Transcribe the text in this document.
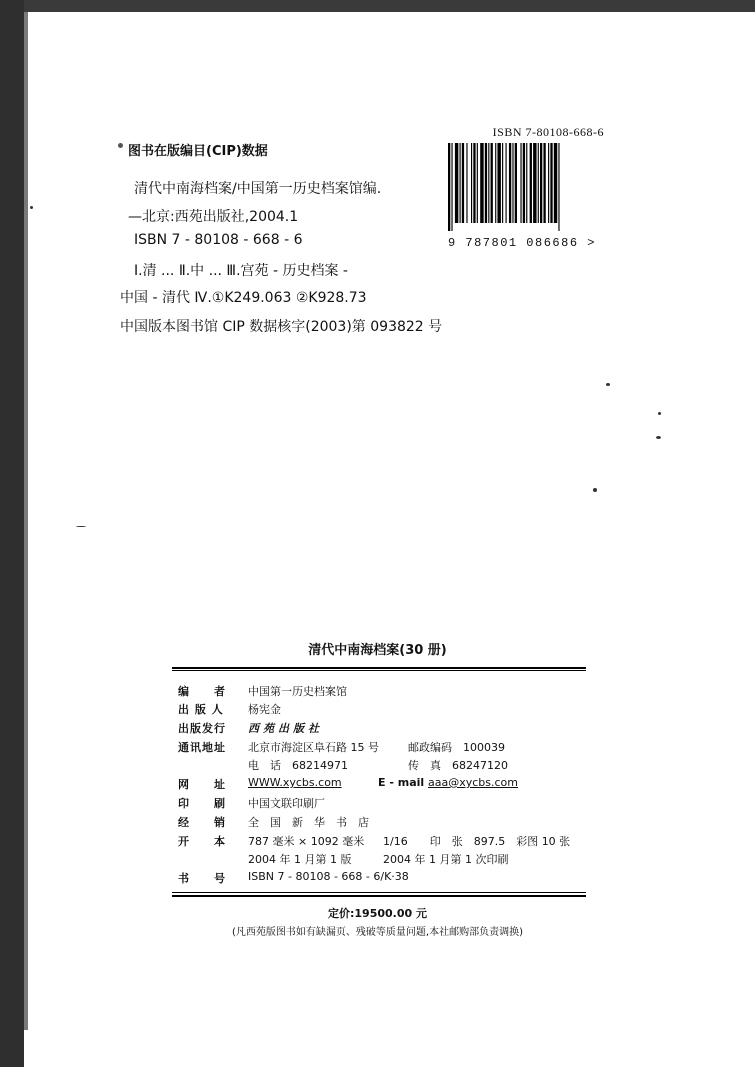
图书在版编目(CIP)数据
清代中南海档案/中国第一历史档案馆编.
—北京:西苑出版社,2004.1
ISBN 7 - 80108 - 668 - 6
Ⅰ.清 ... Ⅱ.中 ... Ⅲ.宫苑 - 历史档案 -
中国 - 清代 Ⅳ.①K249.063 ②K928.73
中国版本图书馆 CIP 数据核字(2003)第 093822 号
ISBN 7-80108-668-6
9 787801 086686 >
清代中南海档案(30 册)
编　　者	中国第一历史档案馆
出 版 人	杨宪金
出版发行	西苑出版社
通讯地址	北京市海淀区阜石路 15 号	邮政编码　100039
电　话　68214971	传　真　68247120
网　　址	WWW.xycbs.com	E - mail aaa@xycbs.com
印　　刷	中国文联印刷厂
经　　销	全　国　新　华　书　店
开　　本	787 毫米 × 1092 毫米 1/16　　印　张　897.5　彩图 10 张
2004 年 1 月第 1 版	2004 年 1 月第 1 次印刷
书　　号	ISBN 7 - 80108 - 668 - 6/K·38
定价:19500.00 元
(凡西苑版图书如有缺漏页、残破等质量问题,本社邮购部负责调换)
